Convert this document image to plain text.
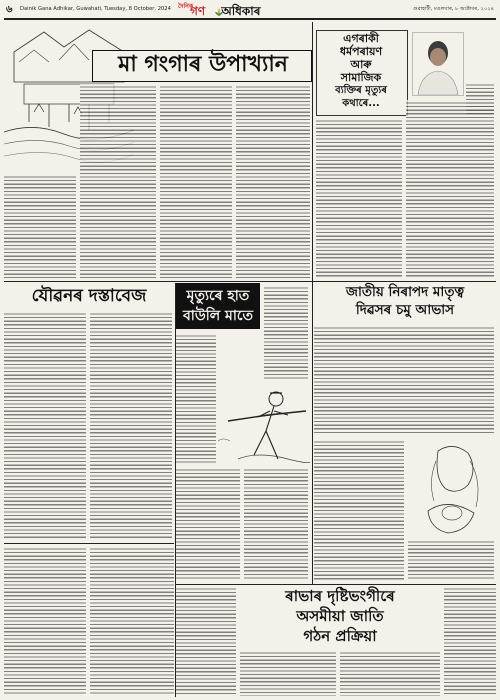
৬ Dainik Gana Adhikar, Guwahati, Tuesday, 8 October, 2024 দৈনিক
গণ অধিকাৰ	গুৱাহাটী, মঙলবাৰ, ৮ অক্টোবৰ, ২০২৪
মা গংগাৰ উপাখ্যান
এগৰাকী
ধৰ্মপৰায়ণ
আৰু
সামাজিক
ব্যক্তিৰ মৃত্যুৰ
কথাৰে...
যৌৱনৰ দস্তাবেজ	মৃত্যুৰে হাত
বাউলি মাতে
জাতীয় নিৰাপদ মাতৃত্ব
দিৱসৰ চমু আভাস
ৰাভাৰ দৃষ্টিভংগীৰে
অসমীয়া জাতি
গঠন প্ৰক্ৰিয়া
